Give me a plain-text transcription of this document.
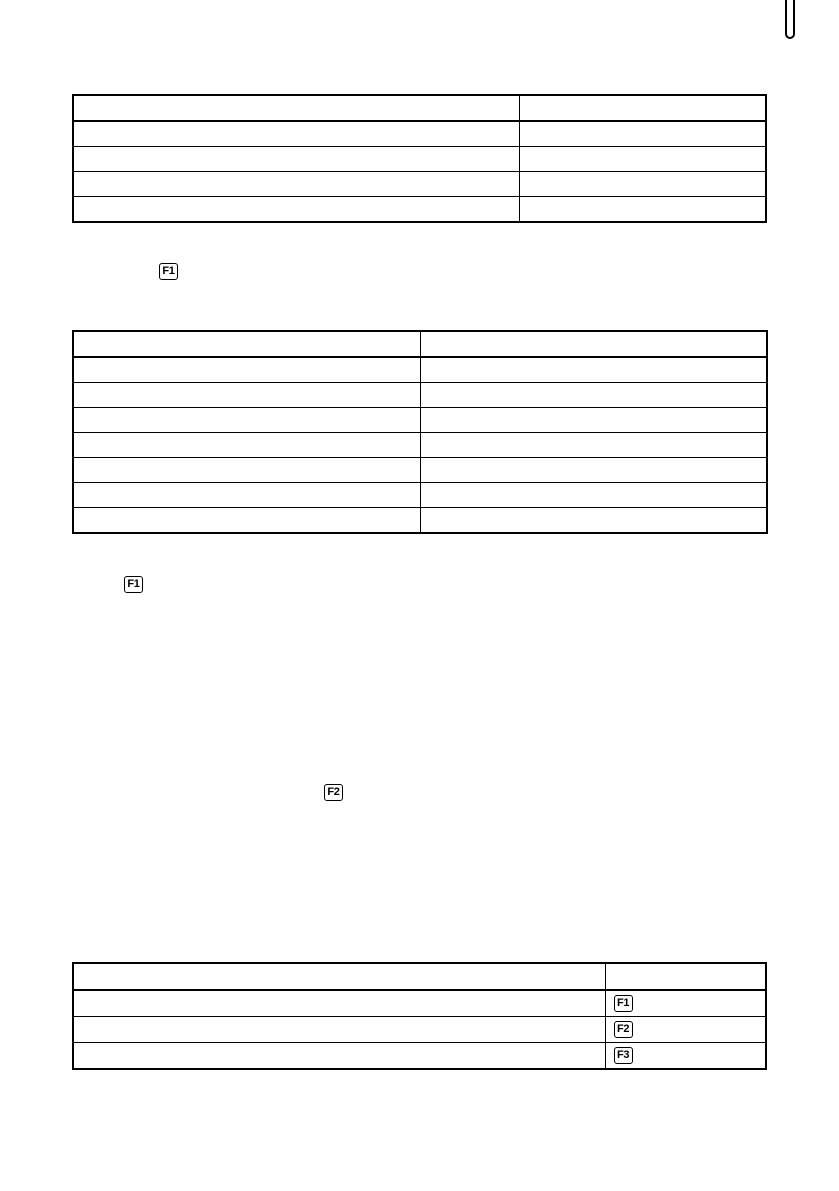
F1

F1
F2

	F1
	F2
	F3
